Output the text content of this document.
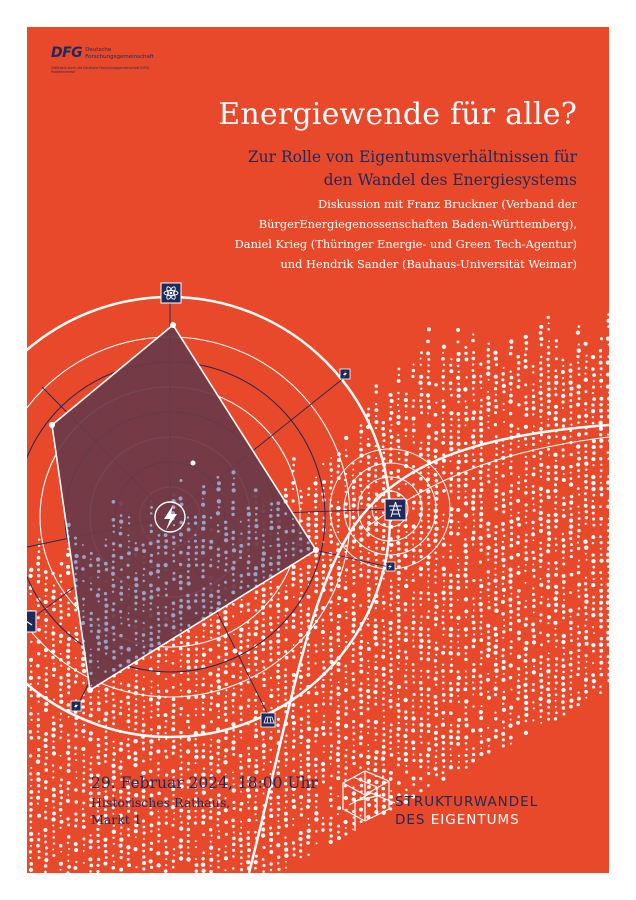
DFG Deutsche
Forschungsgemeinschaft
Gefördert durch die Deutsche Forschungsgemeinschaft (DFG)
Projektnummer
Energiewende für alle?
Zur Rolle von Eigentumsverhältnissen für
den Wandel des Energiesystems

Diskussion mit Franz Bruckner (Verband der
BürgerEnergiegenossenschaften Baden-Württemberg),
Daniel Krieg (Thüringer Energie- und Green Tech-Agentur)
und Hendrik Sander (Bauhaus-Universität Weimar)

29. Februar 2024, 18:00 Uhr
Historisches Rathaus,
Markt 1
STRUKTURWANDEL
DES EIGENTUMS
